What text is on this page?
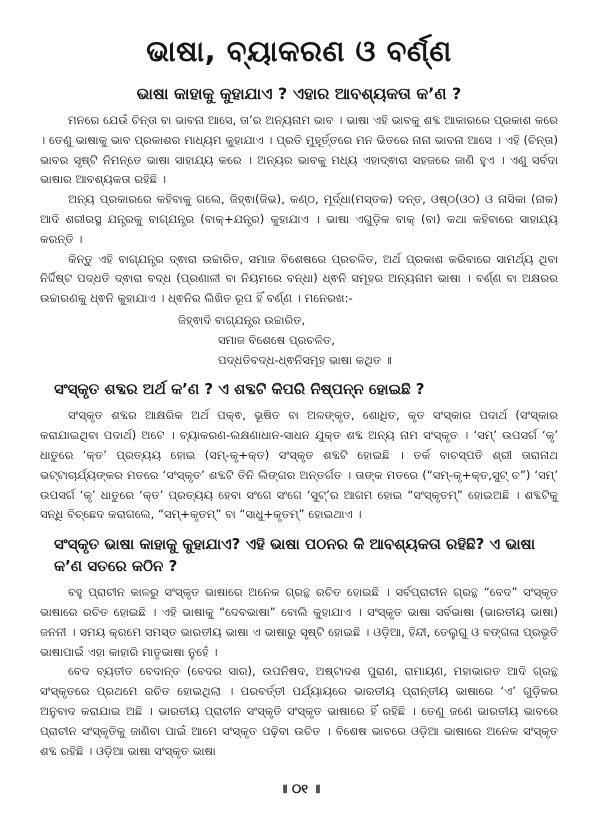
ଭାଷା, ବ୍ୟାକରଣ ଓ ବର୍ଣ୍ଣ
ଭାଷା କାହାକୁ କୁହାଯାଏ ? ଏହାର ଆବଶ୍ୟକତା କ’ଣ ?

ମନରେ ଯେଉଁ ଚିନ୍ତା ବା ଭାବନା ଆସେ, ତା’ର ଅନ୍ୟନାମ ଭାବ । ଭାଷା ଏହି ଭାବକୁ ଶବ୍ଦ ଆକାରରେ ପ୍ରକାଶ କରେ । ତେଣୁ ଭାଷାକୁ ଭାବ ପ୍ରକାଶର ମାଧ୍ୟମ କୁହାଯାଏ । ପ୍ରତି ମୁହୂର୍ତ୍ତରେ ମନ ଭିତରେ ନାନା ଭାବନା ଆସେ । ଏହି (ଚିନ୍ତା) ଭାବର ସୃଷ୍ଟି ନିମନ୍ତେ ଭାଷା ସାହାଯ୍ୟ କରେ । ଅନ୍ୟର ଭାବକୁ ମଧ୍ୟ ଏହାଦ୍ଵାରା ସହଜରେ ଜାଣି ହୁଏ । ଏଣୁ ସର୍ବଦା ଭାଷାର ଆବଶ୍ୟକତା ରହିଛି ।

ଅନ୍ୟ ପ୍ରକାରରେ କହିବାକୁ ଗଲେ, ଜିହ୍ଵା(ଜିଭ), କଣ୍ଠ, ମୂର୍ଦ୍ଧା(ମସ୍ତକ) ଦନ୍ତ, ଓଷ୍ଠ(ଓଠ) ଓ ନାସିକା (ନାକ) ଆଦି ଶରୀରସ୍ଥ ଯନ୍ତ୍ରକୁ ବାଗ୍‌ଯନ୍ତ୍ର (ବାକ୍+ଯନ୍ତ୍ର) କୁହାଯାଏ । ଭାଷା ଏଗୁଡ଼ିକ ବାକ୍ (ବା) କଥା କହିବାରେ ସାହାଯ୍ୟ କରନ୍ତି ।

କିନ୍ତୁ ଏହି ବାଗ୍‌ଯନ୍ତ୍ର ଦ୍ଵାରା ଉଚ୍ଚାରିତ, ସମାଜ ବିଶେଷରେ ପ୍ରଚଳିତ, ଅର୍ଥ ପ୍ରକାଶ କରିବାରେ ସାମର୍ଥ୍ୟ ଥିବା ନିର୍ଦ୍ଦିଷ୍ଟ ପଦ୍ଧତି ଦ୍ଵାରା ବଦ୍ଧ (ପ୍ରଣାଳୀ ବା ନିୟମରେ ବନ୍ଧା) ଧ୍ଵନି ସମୂହର ଅନ୍ୟନାମ ଭାଷା । ବର୍ଣ୍ଣ ବା ଅକ୍ଷରର ଉଚ୍ଚାରଣକୁ ଧ୍ଵନି କୁହାଯାଏ । ଧ୍ଵନିର ଲିଖିତ ରୂପ ହିଁ ବର୍ଣ୍ଣ । ମନେରଖ:-

ଜିହ୍ଵାଦି ବାଗ୍‌ଯନ୍ତ୍ର ଉଚ୍ଚାରିତ,
ସମାଜ ବିଶେଷେ ପ୍ରଚଳିତ,
ପଦ୍ଧତିବଦ୍ଧ-ଧ୍ଵନିସମୂହ ଭାଷା କଥିତ ॥
ସଂସ୍କୃତ ଶବ୍ଦର ଅର୍ଥ କ’ଣ ? ଏ ଶବ୍ଦଟି କିପରି ନିଷ୍ପନ୍ନ ହୋଇଛି ?

ସଂସ୍କୃତ ଶବ୍ଦର ଆକ୍ଷରିକ ଅର୍ଥ ପକ୍ଵ, ଭୂଷିତ ବା ଅଳଙ୍କୃତ, ଶୋଧିତ, କୃତ ସଂସ୍କାର ପଦାର୍ଥ (ସଂସ୍କାର କରାଯାଇଥିବା ପଦାର୍ଥ) ଅଟେ । ବ୍ୟାକରଣ-ଲକ୍ଷଣାଧାନ-ସାଧନ ଯୁକ୍ତ ଶବ୍ଦ ଅନ୍ୟ ନାମ ସଂସ୍କୃତ । ‘ସମ୍’ ଉପସର୍ଗ ‘କୃ’ ଧାତୁରେ ‘କ୍ତ’ ପ୍ରତ୍ୟୟ ହୋଇ (ସମ୍-କୃ+କ୍ତ) ସଂସ୍କୃତ ଶବ୍ଦଟି ହୋଇଛି । ତର୍କ ବାଚସ୍ପତି ଶ୍ରୀ ତାରାନାଥ ଭଟ୍ଟାଚାର୍ଯ୍ୟଙ୍କର ମତରେ ‘ସଂସ୍କୃତ’ ଶବ୍ଦଟି ତିନି ଲିଙ୍ଗର ଅନ୍ତର୍ଗତ । ତାଙ୍କ ମତରେ (“ସମ୍-କୃ+କ୍ତ,ସୁଟ୍ ଚ”) ‘ସମ୍’ ଉପସର୍ଗ ‘କୃ’ ଧାତୁରେ ‘କ୍ତ’ ପ୍ରତ୍ୟୟ ହେବା ସଂଗେ ସଂଗେ ‘ସୁଟ୍’ର ଆଗମ ହୋଇ “ସଂସ୍କୃତମ୍” ହୋଇଅଛି । ଶବ୍ଦଟିକୁ ସନ୍ଧି ବିଚ୍ଛେଦ କରାଗଲେ, “ସମ୍+କୃତମ୍” ବା “ସାଧୁ+କୃତମ୍” ହୋଇଥାଏ ।

ସଂସ୍କୃତ ଭାଷା କାହାକୁ କୁହାଯାଏ? ଏହି ଭାଷା ପଠନର କି ଆବଶ୍ୟକତା ରହିଛି? ଏ ଭାଷା କ’ଣ ସତରେ କଠିନ ?

ବହୁ ପ୍ରାଚୀନ କାଳରୁ ସଂସ୍କୃତ ଭାଷାରେ ଅନେକ ଗ୍ରନ୍ଥ ରଚିତ ହୋଇଛି । ସର୍ବପ୍ରାଚୀନ ଗ୍ରନ୍ଥ “ବେଦ” ସଂସ୍କୃତ ଭାଷାରେ ରଚିତ ହୋଇଛି । ଏହି ଭାଷାକୁ “ଦେବଭାଷା” ବୋଲି କୁହାଯାଏ । ସଂସ୍କୃତ ଭାଷା ସର୍ବଭାଷା (ଭାରତୀୟ ଭାଷା) ଜନନୀ । ସମୟ କ୍ରମେ ସମସ୍ତ ଭାରତୀୟ ଭାଷା ଏ ଭାଷାରୁ ସୃଷ୍ଟି ହୋଇଛି । ଓଡ଼ିଆ, ହିନ୍ଦୀ, ତେଲୁଗୁ ଓ ବଙ୍ଗଳା ପ୍ରଭୃତି ଭାଷାପାଇଁ ଏହା କାହାରି ମାତୃଭାଷା ନୁହେଁ ।

ବେଦ ବ୍ୟତୀତ ବେଦାନ୍ତ (ବେଦର ସାର), ଉପନିଷଦ, ଅଷ୍ଟାଦଶ ପୁରାଣ, ରାମାୟଣ, ମହାଭାରତ ଆଦି ଗ୍ରନ୍ଥ ସଂସ୍କୃତରେ ପ୍ରଥମେ ରଚିତ ହୋଇଥିଲା । ପରବର୍ତ୍ତୀ ପର୍ଯ୍ୟାୟରେ ଭାରତୀୟ ପ୍ରାନ୍ତୀୟ ଭାଷାରେ ‘ଏ’ ଗୁଡ଼ିକର ଅନୁବାଦ କରାଯାଇ ଅଛି । ଭାରତୀୟ ପ୍ରାଚୀନ ସଂସ୍କୃତି ସଂସ୍କୃତ ଭାଷାରେ ହିଁ ରହିଛି । ତେଣୁ ଜଣେ ଭାରତୀୟ ଭାବରେ ପ୍ରାଚୀନ ସଂସ୍କୃତିକୁ ଜାଣିବା ପାଇଁ ଆମେ ସଂସ୍କୃତ ପଢ଼ିବା ଉଚିତ । ବିଶେଷ ଭାବରେ ଓଡ଼ିଆ ଭାଷାରେ ଅନେକ ସଂସ୍କୃତ ଶବ୍ଦ ରହିଛି । ଓଡ଼ିଆ ଭାଷା ସଂସ୍କୃତ ଭାଷା

॥ ୦୧ ॥
